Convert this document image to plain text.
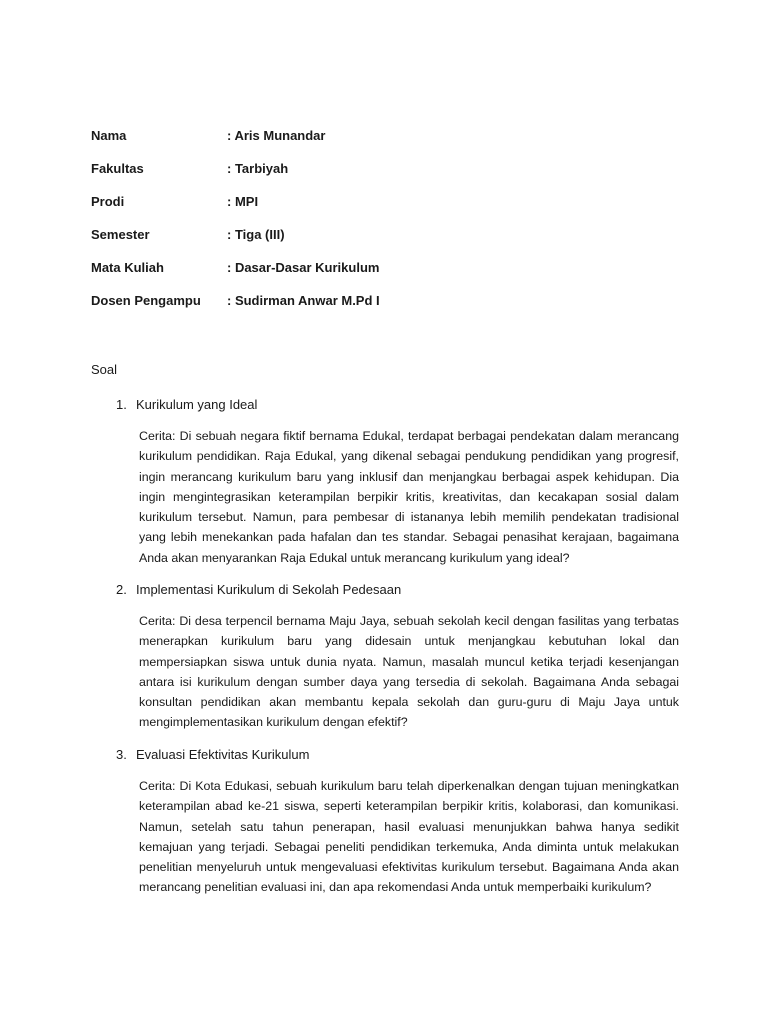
Nama	: Aris Munandar
Fakultas	: Tarbiyah
Prodi	: MPI
Semester	: Tiga (III)
Mata Kuliah	: Dasar-Dasar Kurikulum
Dosen Pengampu : Sudirman Anwar M.Pd I
Soal
1. Kurikulum yang Ideal

Cerita: Di sebuah negara fiktif bernama Edukal, terdapat berbagai pendekatan dalam merancang kurikulum pendidikan. Raja Edukal, yang dikenal sebagai pendukung pendidikan yang progresif, ingin merancang kurikulum baru yang inklusif dan menjangkau berbagai aspek kehidupan. Dia ingin mengintegrasikan keterampilan berpikir kritis, kreativitas, dan kecakapan sosial dalam kurikulum tersebut. Namun, para pembesar di istananya lebih memilih pendekatan tradisional yang lebih menekankan pada hafalan dan tes standar. Sebagai penasihat kerajaan, bagaimana Anda akan menyarankan Raja Edukal untuk merancang kurikulum yang ideal?

2. Implementasi Kurikulum di Sekolah Pedesaan

Cerita: Di desa terpencil bernama Maju Jaya, sebuah sekolah kecil dengan fasilitas yang terbatas menerapkan kurikulum baru yang didesain untuk menjangkau kebutuhan lokal dan mempersiapkan siswa untuk dunia nyata. Namun, masalah muncul ketika terjadi kesenjangan antara isi kurikulum dengan sumber daya yang tersedia di sekolah. Bagaimana Anda sebagai konsultan pendidikan akan membantu kepala sekolah dan guru-guru di Maju Jaya untuk mengimplementasikan kurikulum dengan efektif?

3. Evaluasi Efektivitas Kurikulum

Cerita: Di Kota Edukasi, sebuah kurikulum baru telah diperkenalkan dengan tujuan meningkatkan keterampilan abad ke-21 siswa, seperti keterampilan berpikir kritis, kolaborasi, dan komunikasi. Namun, setelah satu tahun penerapan, hasil evaluasi menunjukkan bahwa hanya sedikit kemajuan yang terjadi. Sebagai peneliti pendidikan terkemuka, Anda diminta untuk melakukan penelitian menyeluruh untuk mengevaluasi efektivitas kurikulum tersebut. Bagaimana Anda akan merancang penelitian evaluasi ini, dan apa rekomendasi Anda untuk memperbaiki kurikulum?
